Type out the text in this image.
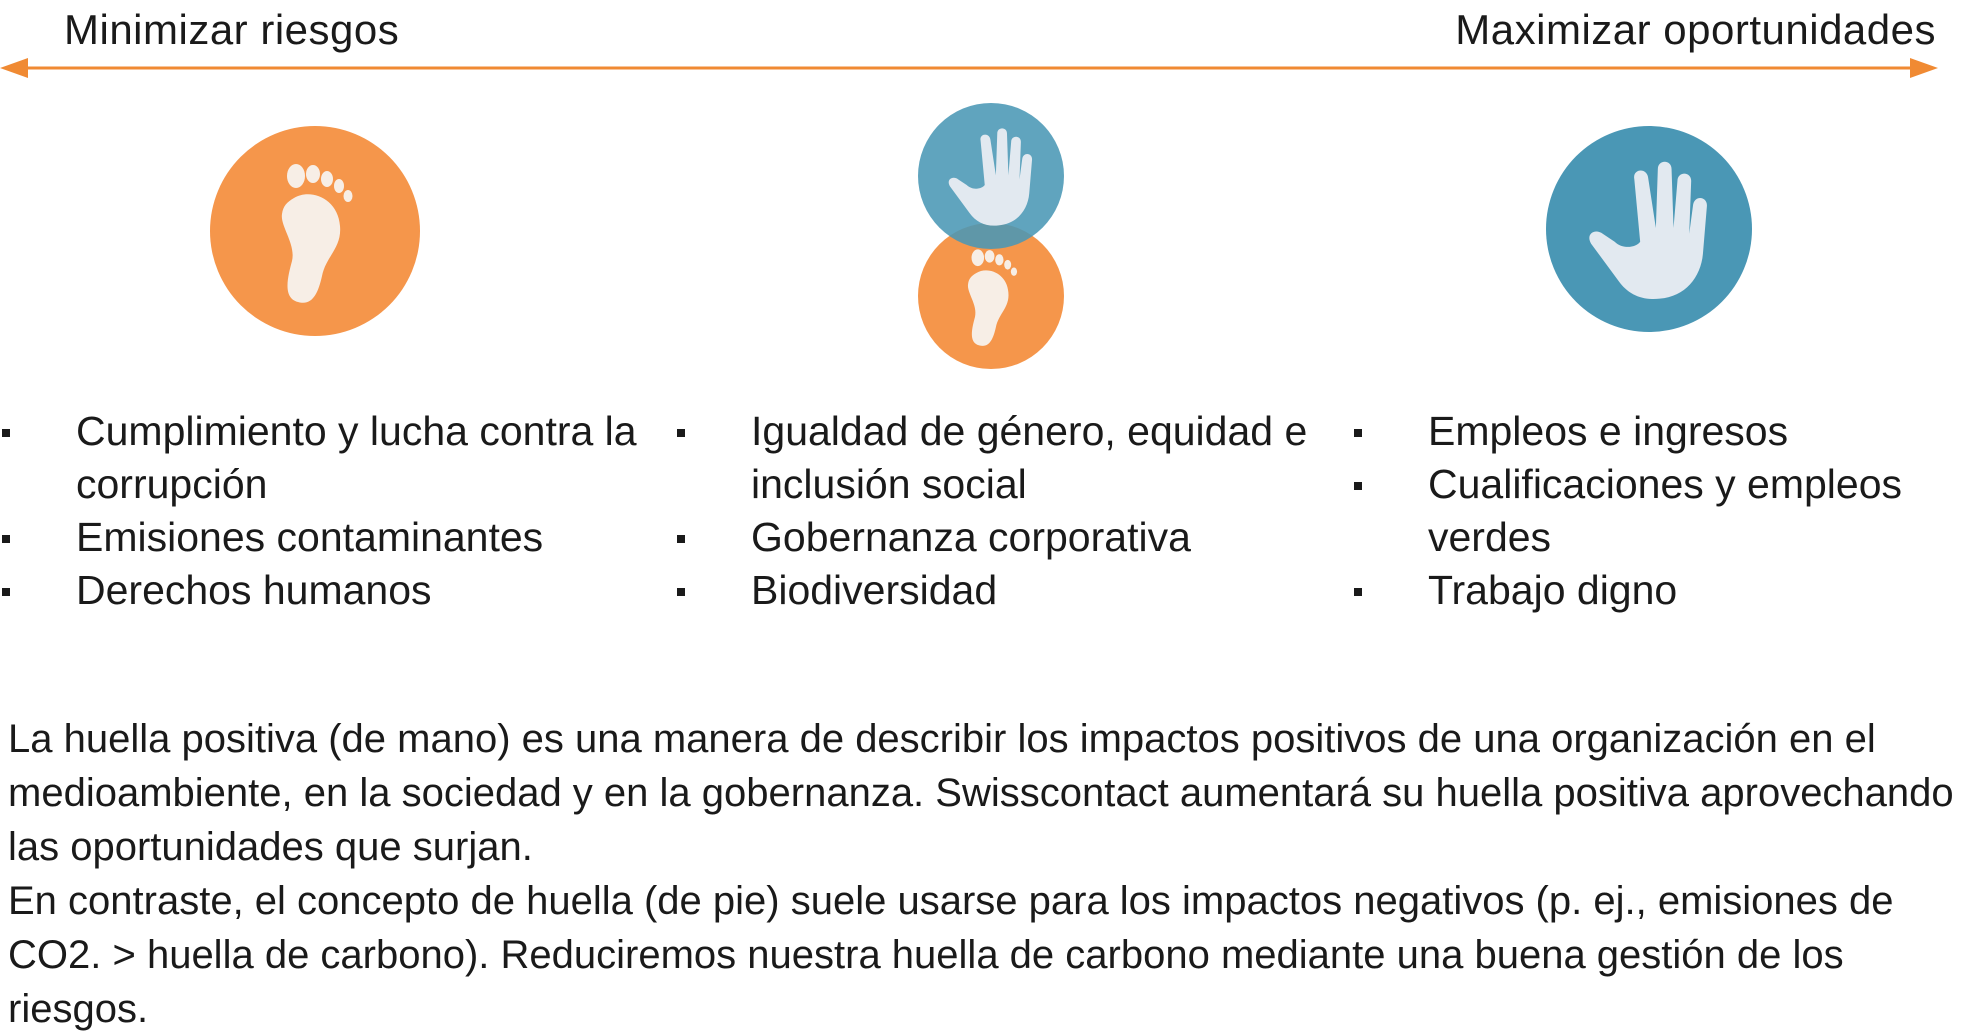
Minimizar riesgos	Maximizar oportunidades
Cumplimiento y lucha contra la corrupción
Emisiones contaminantes
Derechos humanos
Igualdad de género, equidad e inclusión social
Gobernanza corporativa
Biodiversidad
Empleos e ingresos
Cualificaciones y empleos verdes
Trabajo digno

La huella positiva (de mano) es una manera de describir los impactos positivos de una organización en el medioambiente, en la sociedad y en la gobernanza. Swisscontact aumentará su huella positiva aprovechando las oportunidades que surjan.

En contraste, el concepto de huella (de pie) suele usarse para los impactos negativos (p. ej., emisiones de CO2. > huella de carbono). Reduciremos nuestra huella de carbono mediante una buena gestión de los riesgos.
